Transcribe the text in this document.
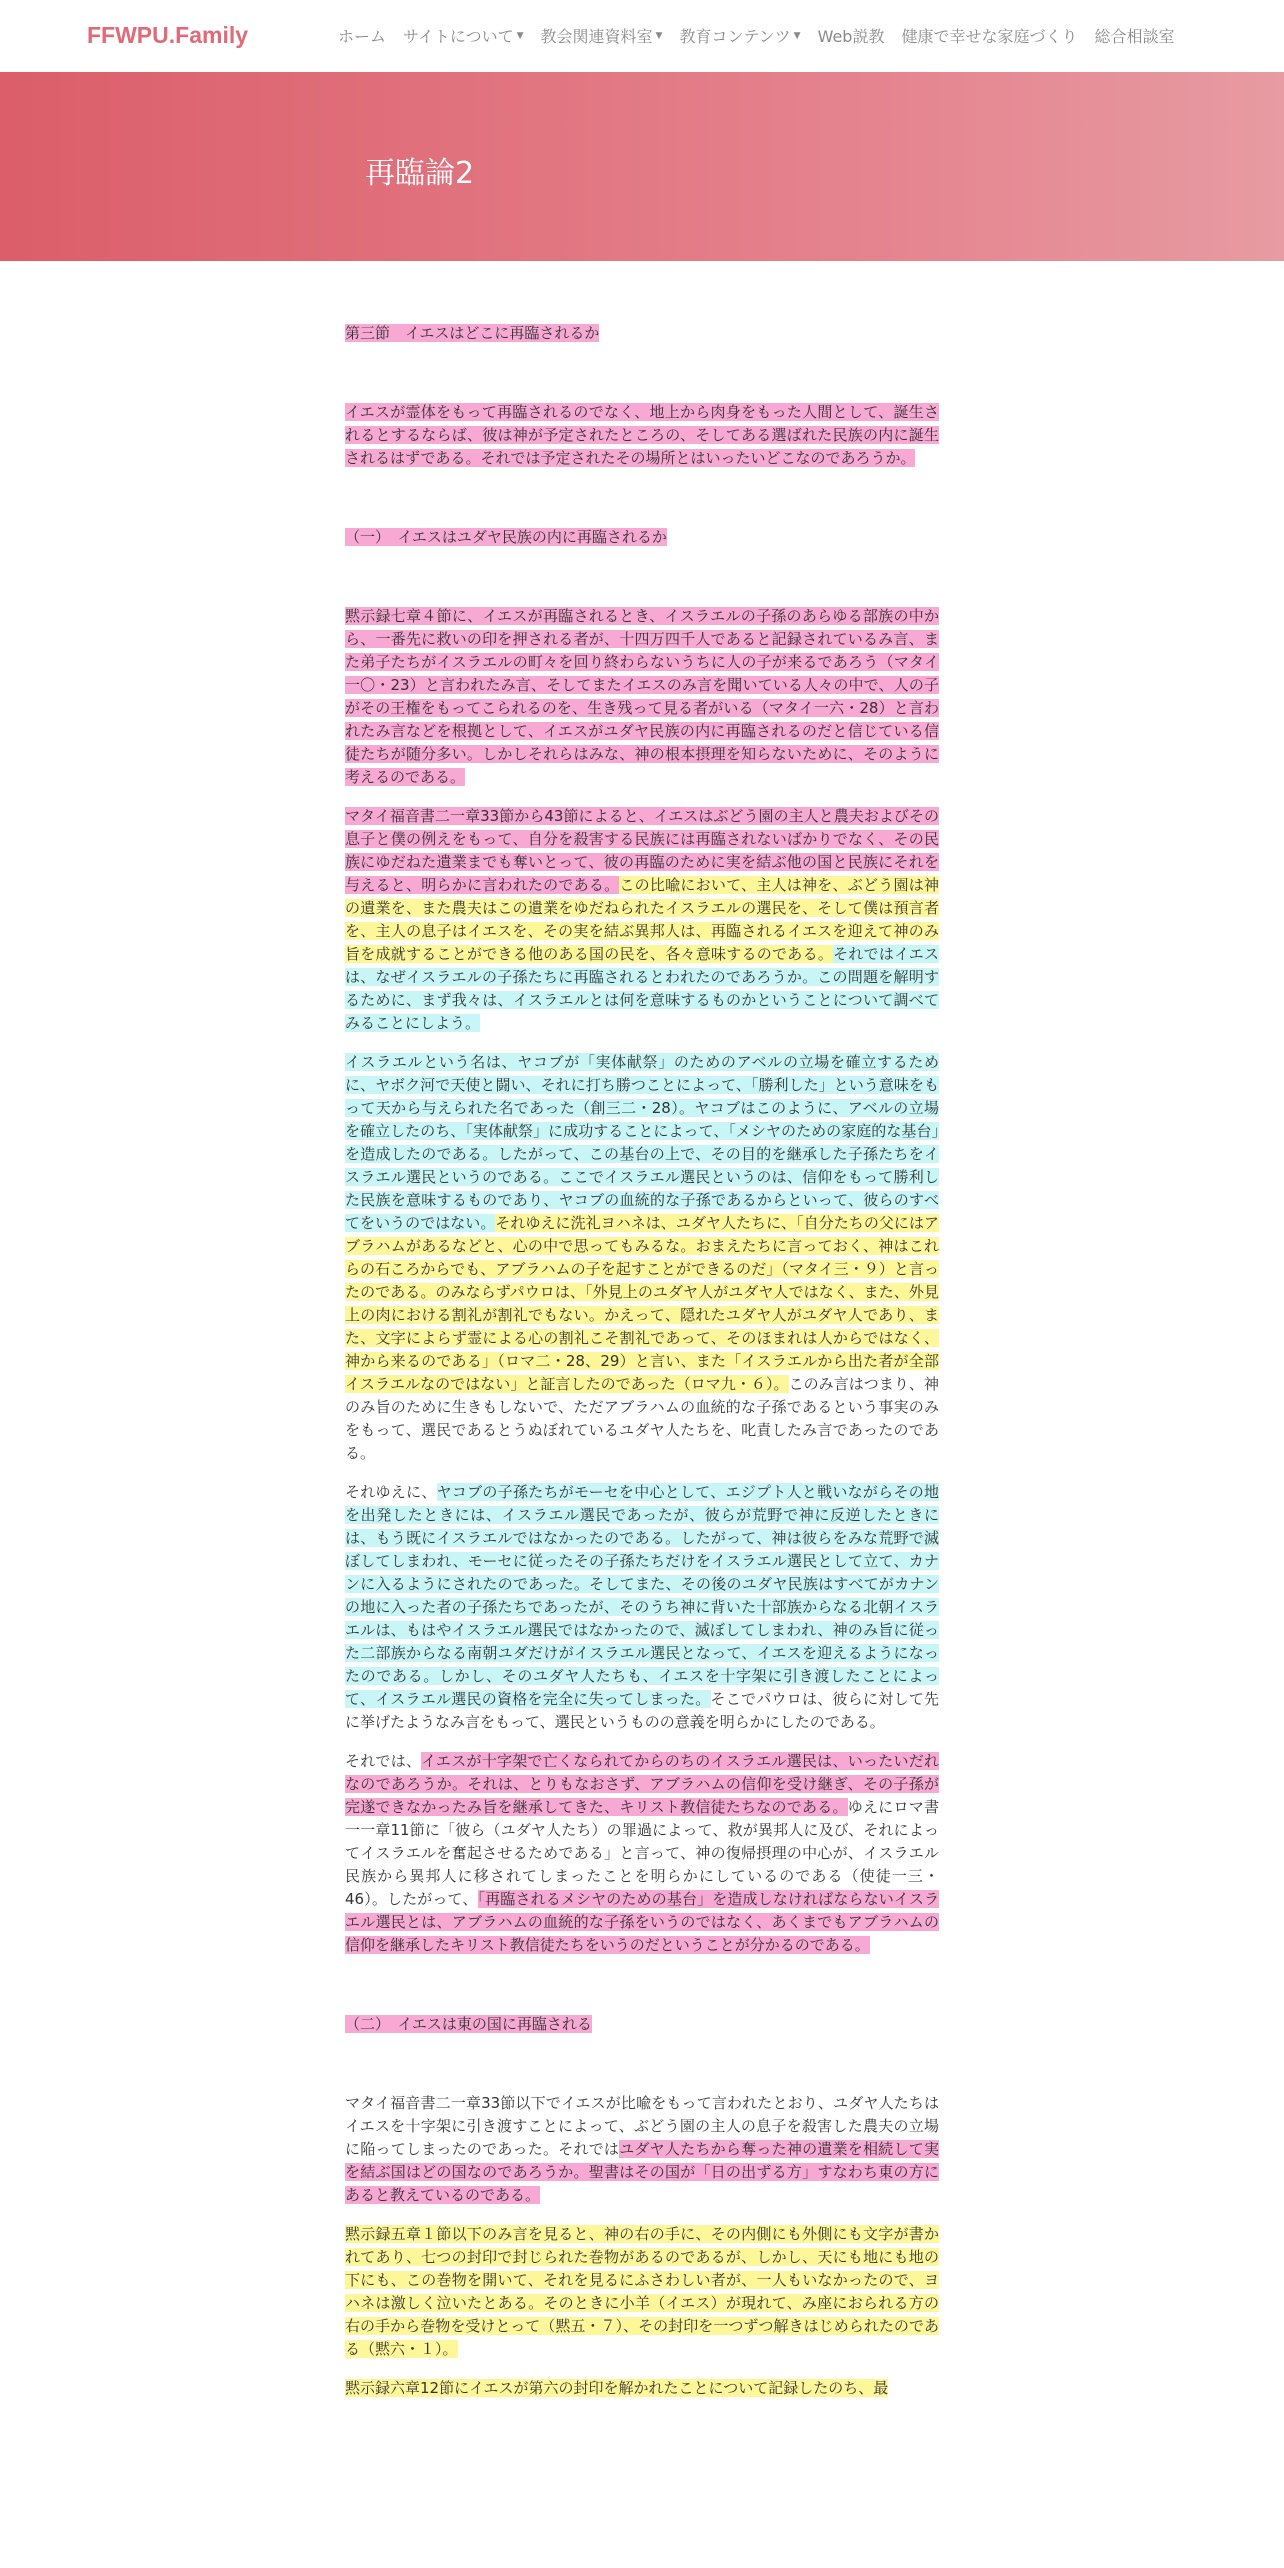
FFWPU.Family	ホーム サイトについて ▼ 教会関連資料室 ▼ 教育コンテンツ ▼ Web説教 健康で幸せな家庭づくり 総合相談室
再臨論2

第三節　イエスはどこに再臨されるか

イエスが霊体をもって再臨されるのでなく、地上から肉身をもった人間として、誕生されるとするならば、彼は神が予定されたところの、そしてある選ばれた民族の内に誕生されるはずである。それでは予定されたその場所とはいったいどこなのであろうか。

（一）　イエスはユダヤ民族の内に再臨されるか

黙示録七章４節に、イエスが再臨されるとき、イスラエルの子孫のあらゆる部族の中から、一番先に救いの印を押される者が、十四万四千人であると記録されているみ言、また弟子たちがイスラエルの町々を回り終わらないうちに人の子が来るであろう（マタイ一〇・23）と言われたみ言、そしてまたイエスのみ言を聞いている人々の中で、人の子がその王権をもってこられるのを、生き残って見る者がいる（マタイ一六・28）と言われたみ言などを根拠として、イエスがユダヤ民族の内に再臨されるのだと信じている信徒たちが随分多い。しかしそれらはみな、神の根本摂理を知らないために、そのように考えるのである。

マタイ福音書二一章33節から43節によると、イエスはぶどう園の主人と農夫およびその息子と僕の例えをもって、自分を殺害する民族には再臨されないばかりでなく、その民族にゆだねた遺業までも奪いとって、彼の再臨のために実を結ぶ他の国と民族にそれを与えると、明らかに言われたのである。この比喩において、主人は神を、ぶどう園は神の遺業を、また農夫はこの遺業をゆだねられたイスラエルの選民を、そして僕は預言者を、主人の息子はイエスを、その実を結ぶ異邦人は、再臨されるイエスを迎えて神のみ旨を成就することができる他のある国の民を、各々意味するのである。それではイエスは、なぜイスラエルの子孫たちに再臨されるとわれたのであろうか。この問題を解明するために、まず我々は、イスラエルとは何を意味するものかということについて調べてみることにしよう。

イスラエルという名は、ヤコブが「実体献祭」のためのアベルの立場を確立するために、ヤボク河で天使と闘い、それに打ち勝つことによって、「勝利した」という意味をもって天から与えられた名であった（創三二・28）。ヤコブはこのように、アベルの立場を確立したのち、「実体献祭」に成功することによって、「メシヤのための家庭的な基台」を造成したのである。したがって、この基台の上で、その目的を継承した子孫たちをイスラエル選民というのである。ここでイスラエル選民というのは、信仰をもって勝利した民族を意味するものであり、ヤコブの血統的な子孫であるからといって、彼らのすべてをいうのではない。それゆえに洗礼ヨハネは、ユダヤ人たちに、「自分たちの父にはアブラハムがあるなどと、心の中で思ってもみるな。おまえたちに言っておく、神はこれらの石ころからでも、アブラハムの子を起すことができるのだ」（マタイ三・９）と言ったのである。のみならずパウロは、「外見上のユダヤ人がユダヤ人ではなく、また、外見上の肉における割礼が割礼でもない。かえって、隠れたユダヤ人がユダヤ人であり、また、文字によらず霊による心の割礼こそ割礼であって、そのほまれは人からではなく、神から来るのである」（ロマ二・28、29）と言い、また「イスラエルから出た者が全部イスラエルなのではない」と証言したのであった（ロマ九・６）。このみ言はつまり、神のみ旨のために生きもしないで、ただアブラハムの血統的な子孫であるという事実のみをもって、選民であるとうぬぼれているユダヤ人たちを、叱責したみ言であったのである。

それゆえに、ヤコブの子孫たちがモーセを中心として、エジプト人と戦いながらその地を出発したときには、イスラエル選民であったが、彼らが荒野で神に反逆したときには、もう既にイスラエルではなかったのである。したがって、神は彼らをみな荒野で滅ぼしてしまわれ、モーセに従ったその子孫たちだけをイスラエル選民として立て、カナンに入るようにされたのであった。そしてまた、その後のユダヤ民族はすべてがカナンの地に入った者の子孫たちであったが、そのうち神に背いた十部族からなる北朝イスラエルは、もはやイスラエル選民ではなかったので、滅ぼしてしまわれ、神のみ旨に従った二部族からなる南朝ユダだけがイスラエル選民となって、イエスを迎えるようになったのである。しかし、そのユダヤ人たちも、イエスを十字架に引き渡したことによって、イスラエル選民の資格を完全に失ってしまった。そこでパウロは、彼らに対して先に挙げたようなみ言をもって、選民というものの意義を明らかにしたのである。

それでは、イエスが十字架で亡くなられてからのちのイスラエル選民は、いったいだれなのであろうか。それは、とりもなおさず、アブラハムの信仰を受け継ぎ、その子孫が完遂できなかったみ旨を継承してきた、キリスト教信徒たちなのである。ゆえにロマ書一一章11節に「彼ら（ユダヤ人たち）の罪過によって、救が異邦人に及び、それによってイスラエルを奮起させるためである」と言って、神の復帰摂理の中心が、イスラエル民族から異邦人に移されてしまったことを明らかにしているのである（使徒一三・46）。したがって、「再臨されるメシヤのための基台」を造成しなければならないイスラエル選民とは、アブラハムの血統的な子孫をいうのではなく、あくまでもアブラハムの信仰を継承したキリスト教信徒たちをいうのだということが分かるのである。

（二）　イエスは東の国に再臨される

マタイ福音書二一章33節以下でイエスが比喩をもって言われたとおり、ユダヤ人たちはイエスを十字架に引き渡すことによって、ぶどう園の主人の息子を殺害した農夫の立場に陥ってしまったのであった。それではユダヤ人たちから奪った神の遺業を相続して実を結ぶ国はどの国なのであろうか。聖書はその国が「日の出ずる方」すなわち東の方にあると教えているのである。

黙示録五章１節以下のみ言を見ると、神の右の手に、その内側にも外側にも文字が書かれてあり、七つの封印で封じられた巻物があるのであるが、しかし、天にも地にも地の下にも、この巻物を開いて、それを見るにふさわしい者が、一人もいなかったので、ヨハネは激しく泣いたとある。そのときに小羊（イエス）が現れて、み座におられる方の右の手から巻物を受けとって（黙五・７）、その封印を一つずつ解きはじめられたのである（黙六・１）。

黙示録六章12節にイエスが第六の封印を解かれたことについて記録したのち、最
